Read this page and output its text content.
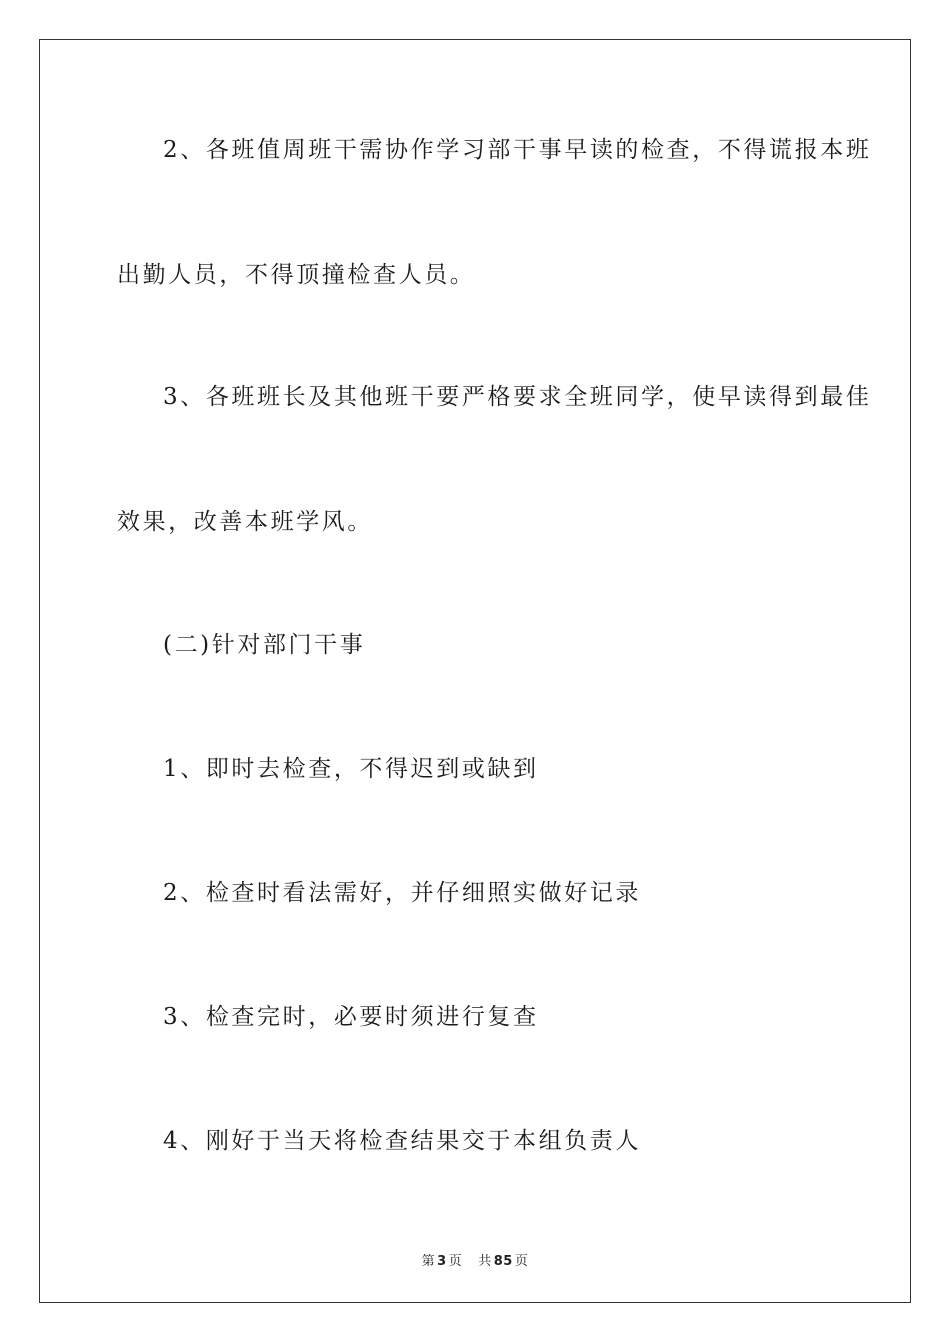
2、各班值周班干需协作学习部干事早读的检查，不得谎报本班
出勤人员，不得顶撞检查人员。
3、各班班长及其他班干要严格要求全班同学，使早读得到最佳
效果，改善本班学风。
(二)针对部门干事
1、即时去检查，不得迟到或缺到
2、检查时看法需好，并仔细照实做好记录
3、检查完时，必要时须进行复查
4、刚好于当天将检查结果交于本组负责人
第 3 页 共 85 页
